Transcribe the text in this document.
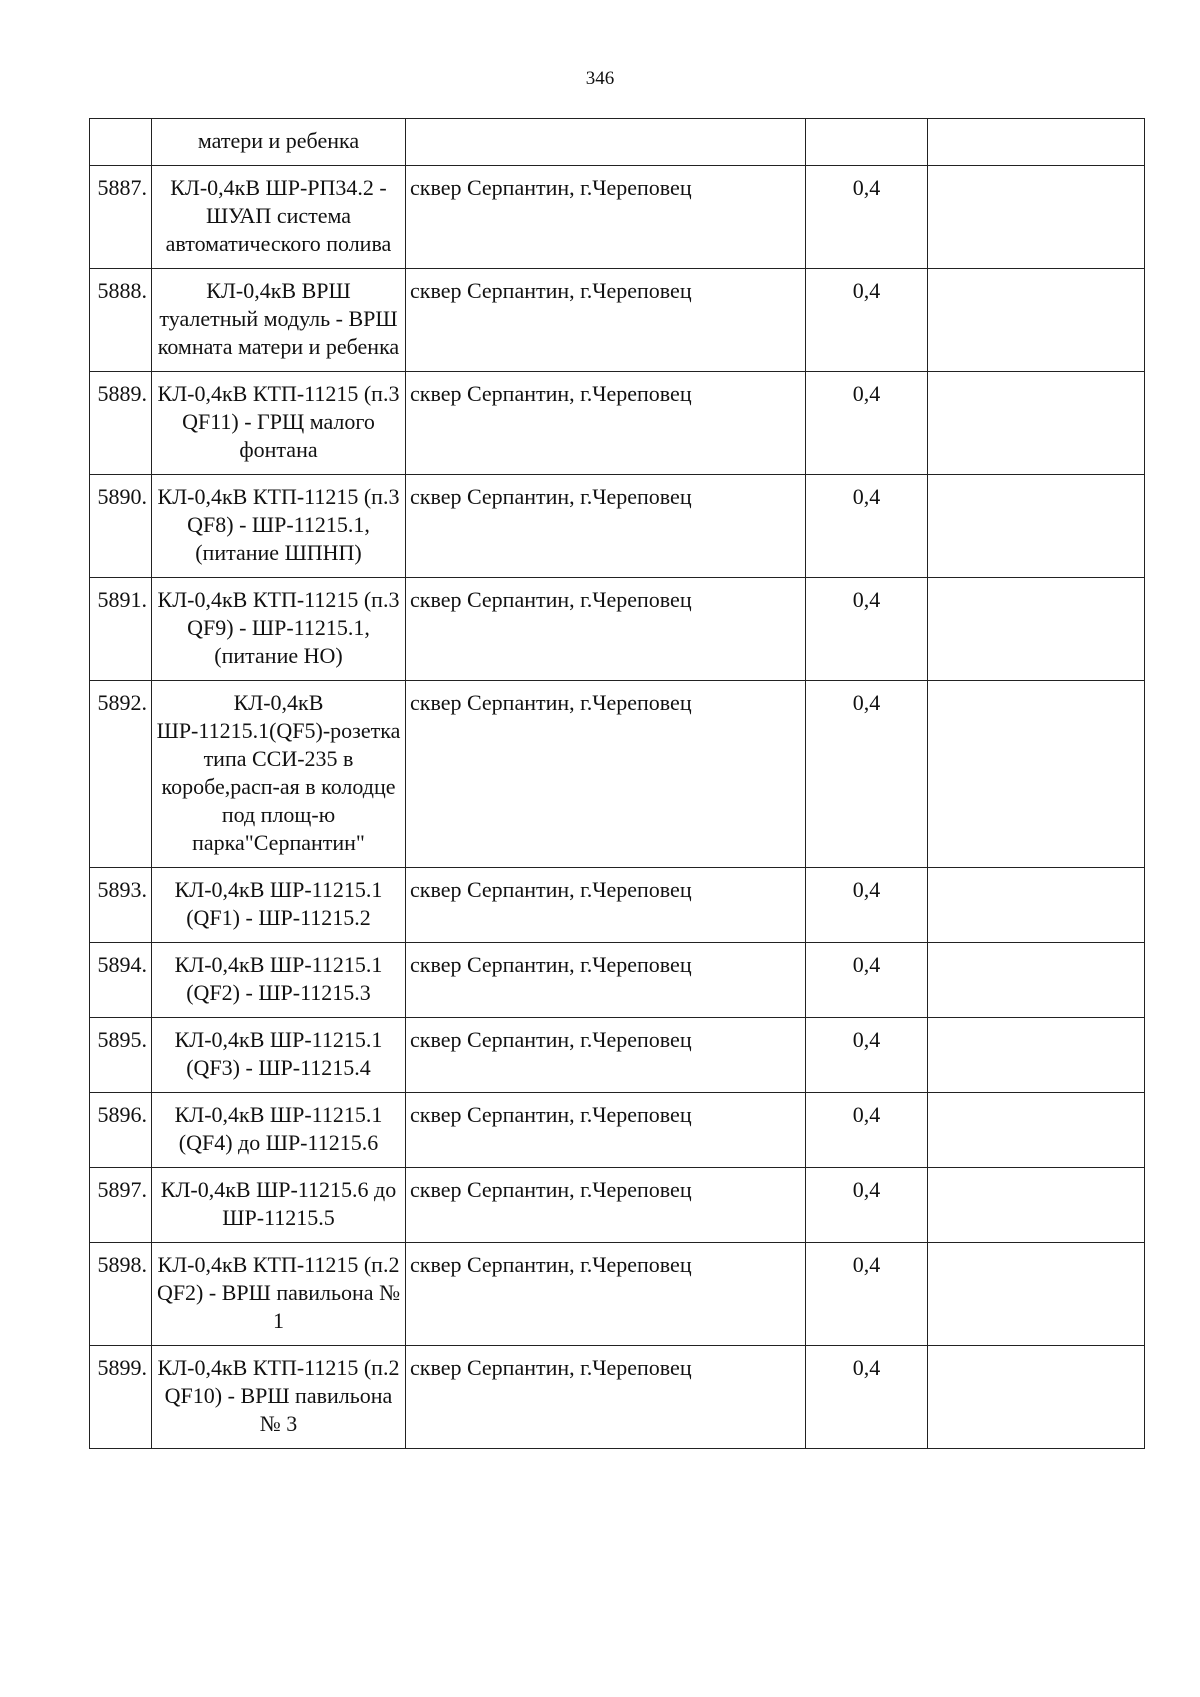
346
	матери и ребенка			
5887.	КЛ-0,4кВ ШР-РП34.2 - ШУАП система автоматического полива	сквер Серпантин, г.Череповец	0,4	
5888.	КЛ-0,4кВ ВРШ туалетный модуль - ВРШ комната матери и ребенка	сквер Серпантин, г.Череповец	0,4	
5889.	КЛ-0,4кВ КТП-11215 (п.3 QF11) - ГРЩ малого фонтана	сквер Серпантин, г.Череповец	0,4	
5890.	КЛ-0,4кВ КТП-11215 (п.3 QF8) - ШР-11215.1, (питание ШПНП)	сквер Серпантин, г.Череповец	0,4	
5891.	КЛ-0,4кВ КТП-11215 (п.3 QF9) - ШР-11215.1, (питание НО)	сквер Серпантин, г.Череповец	0,4	
5892.	КЛ-0,4кВ ШР-11215.1(QF5)-розетка типа ССИ-235 в коробе,расп-ая в колодце под площ-ю парка"Серпантин"	сквер Серпантин, г.Череповец	0,4	
5893.	КЛ-0,4кВ ШР-11215.1 (QF1) - ШР-11215.2	сквер Серпантин, г.Череповец	0,4	
5894.	КЛ-0,4кВ ШР-11215.1 (QF2) - ШР-11215.3	сквер Серпантин, г.Череповец	0,4	
5895.	КЛ-0,4кВ ШР-11215.1 (QF3) - ШР-11215.4	сквер Серпантин, г.Череповец	0,4	
5896.	КЛ-0,4кВ ШР-11215.1 (QF4) до ШР-11215.6	сквер Серпантин, г.Череповец	0,4	
5897.	КЛ-0,4кВ ШР-11215.6 до ШР-11215.5	сквер Серпантин, г.Череповец	0,4	
5898.	КЛ-0,4кВ КТП-11215 (п.2 QF2) - ВРШ павильона № 1	сквер Серпантин, г.Череповец	0,4	
5899.	КЛ-0,4кВ КТП-11215 (п.2 QF10) - ВРШ павильона № 3	сквер Серпантин, г.Череповец	0,4	
